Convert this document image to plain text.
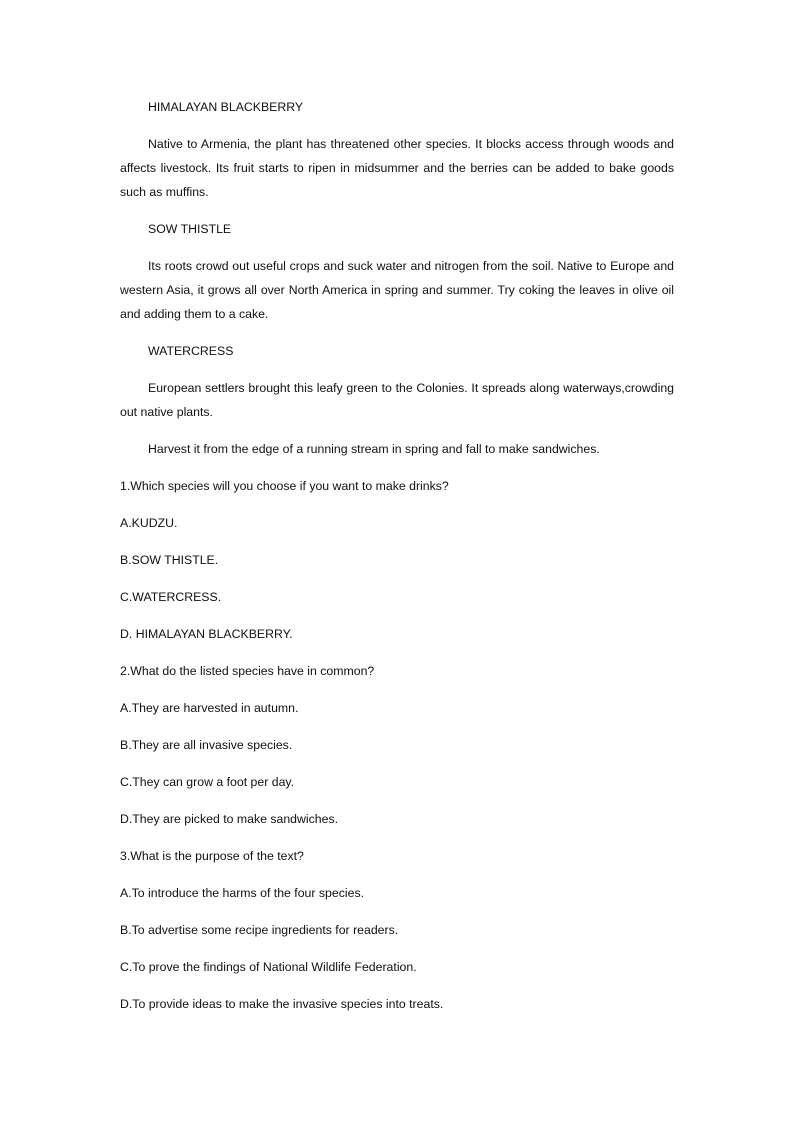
HIMALAYAN BLACKBERRY

Native to Armenia, the plant has threatened other species. It blocks access through woods and affects livestock. Its fruit starts to ripen in midsummer and the berries can be added to bake goods such as muffins.

SOW THISTLE

Its roots crowd out useful crops and suck water and nitrogen from the soil. Native to Europe and western Asia, it grows all over North America in spring and summer. Try coking the leaves in olive oil and adding them to a cake.

WATERCRESS

European settlers brought this leafy green to the Colonies. It spreads along waterways,crowding out native plants.

Harvest it from the edge of a running stream in spring and fall to make sandwiches.

1.Which species will you choose if you want to make drinks?

A.KUDZU.

B.SOW THISTLE.

C.WATERCRESS.

D. HIMALAYAN BLACKBERRY.

2.What do the listed species have in common?

A.They are harvested in autumn.

B.They are all invasive species.

C.They can grow a foot per day.

D.They are picked to make sandwiches.

3.What is the purpose of the text?

A.To introduce the harms of the four species.

B.To advertise some recipe ingredients for readers.

C.To prove the findings of National Wildlife Federation.

D.To provide ideas to make the invasive species into treats.
